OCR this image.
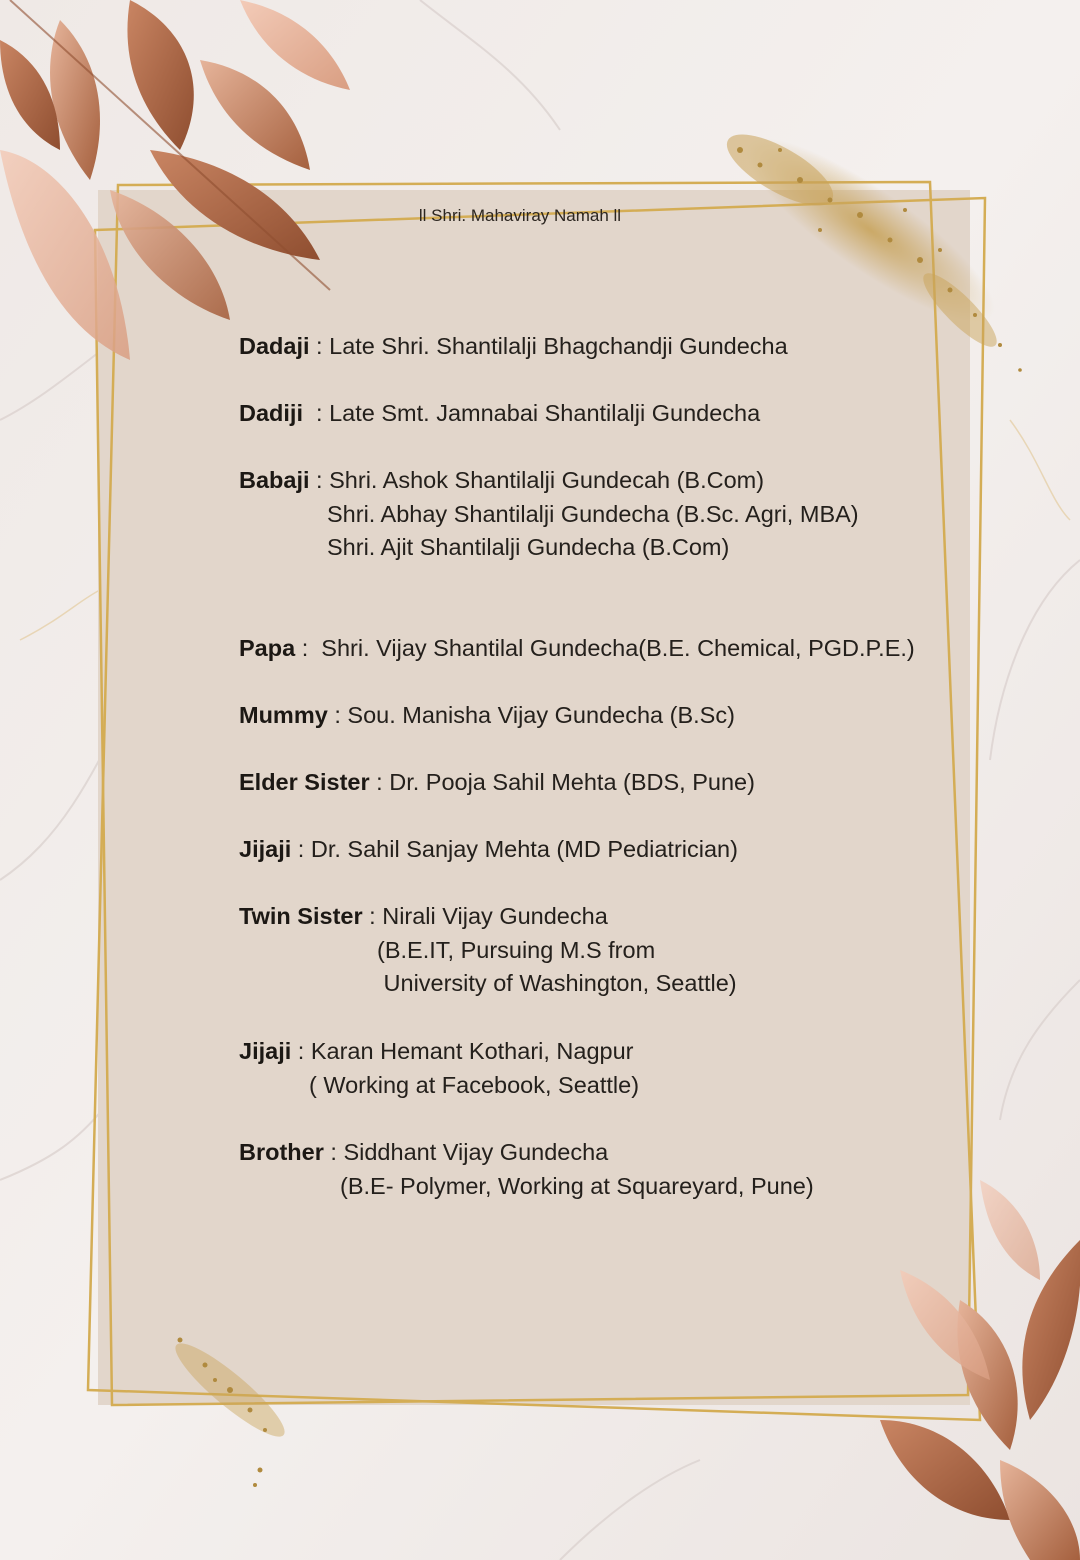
ll Shri. Mahaviray Namah ll
Dadaji : Late Shri. Shantilalji Bhagchandji Gundecha
Dadiji  : Late Smt. Jamnabai Shantilalji Gundecha
Babaji : Shri. Ashok Shantilalji Gundecah (B.Com)
Shri. Abhay Shantilalji Gundecha (B.Sc. Agri, MBA)
Shri. Ajit Shantilalji Gundecha (B.Com)
Papa :  Shri. Vijay Shantilal Gundecha(B.E. Chemical, PGD.P.E.)
Mummy : Sou. Manisha Vijay Gundecha (B.Sc)
Elder Sister : Dr. Pooja Sahil Mehta (BDS, Pune)
Jijaji : Dr. Sahil Sanjay Mehta (MD Pediatrician)
Twin Sister : Nirali Vijay Gundecha
(B.E.IT, Pursuing M.S from
University of Washington, Seattle)
Jijaji : Karan Hemant Kothari, Nagpur
( Working at Facebook, Seattle)
Brother : Siddhant Vijay Gundecha
(B.E- Polymer, Working at Squareyard, Pune)
